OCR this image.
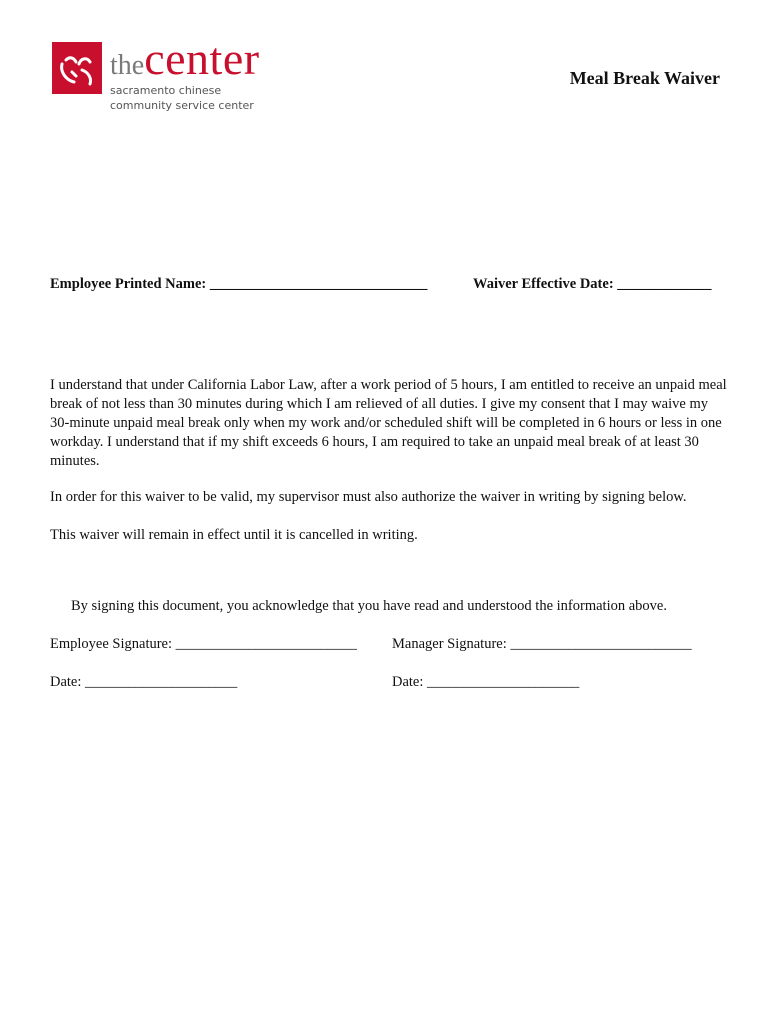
thecenter
sacramento chinese
community service center
Meal Break Waiver
Employee Printed Name: ______________________________	Waiver Effective Date: _____________
I understand that under California Labor Law, after a work period of 5 hours, I am entitled to receive an unpaid meal break of not less than 30 minutes during which I am relieved of all duties. I give my consent that I may waive my 30-minute unpaid meal break only when my work and/or scheduled shift will be completed in 6 hours or less in one workday. I understand that if my shift exceeds 6 hours, I am required to take an unpaid meal break of at least 30 minutes.
In order for this waiver to be valid, my supervisor must also authorize the waiver in writing by signing below.
This waiver will remain in effect until it is cancelled in writing.
By signing this document, you acknowledge that you have read and understood the information above.
Employee Signature: _________________________ Manager Signature: _________________________
Date: _____________________	Date: _____________________
